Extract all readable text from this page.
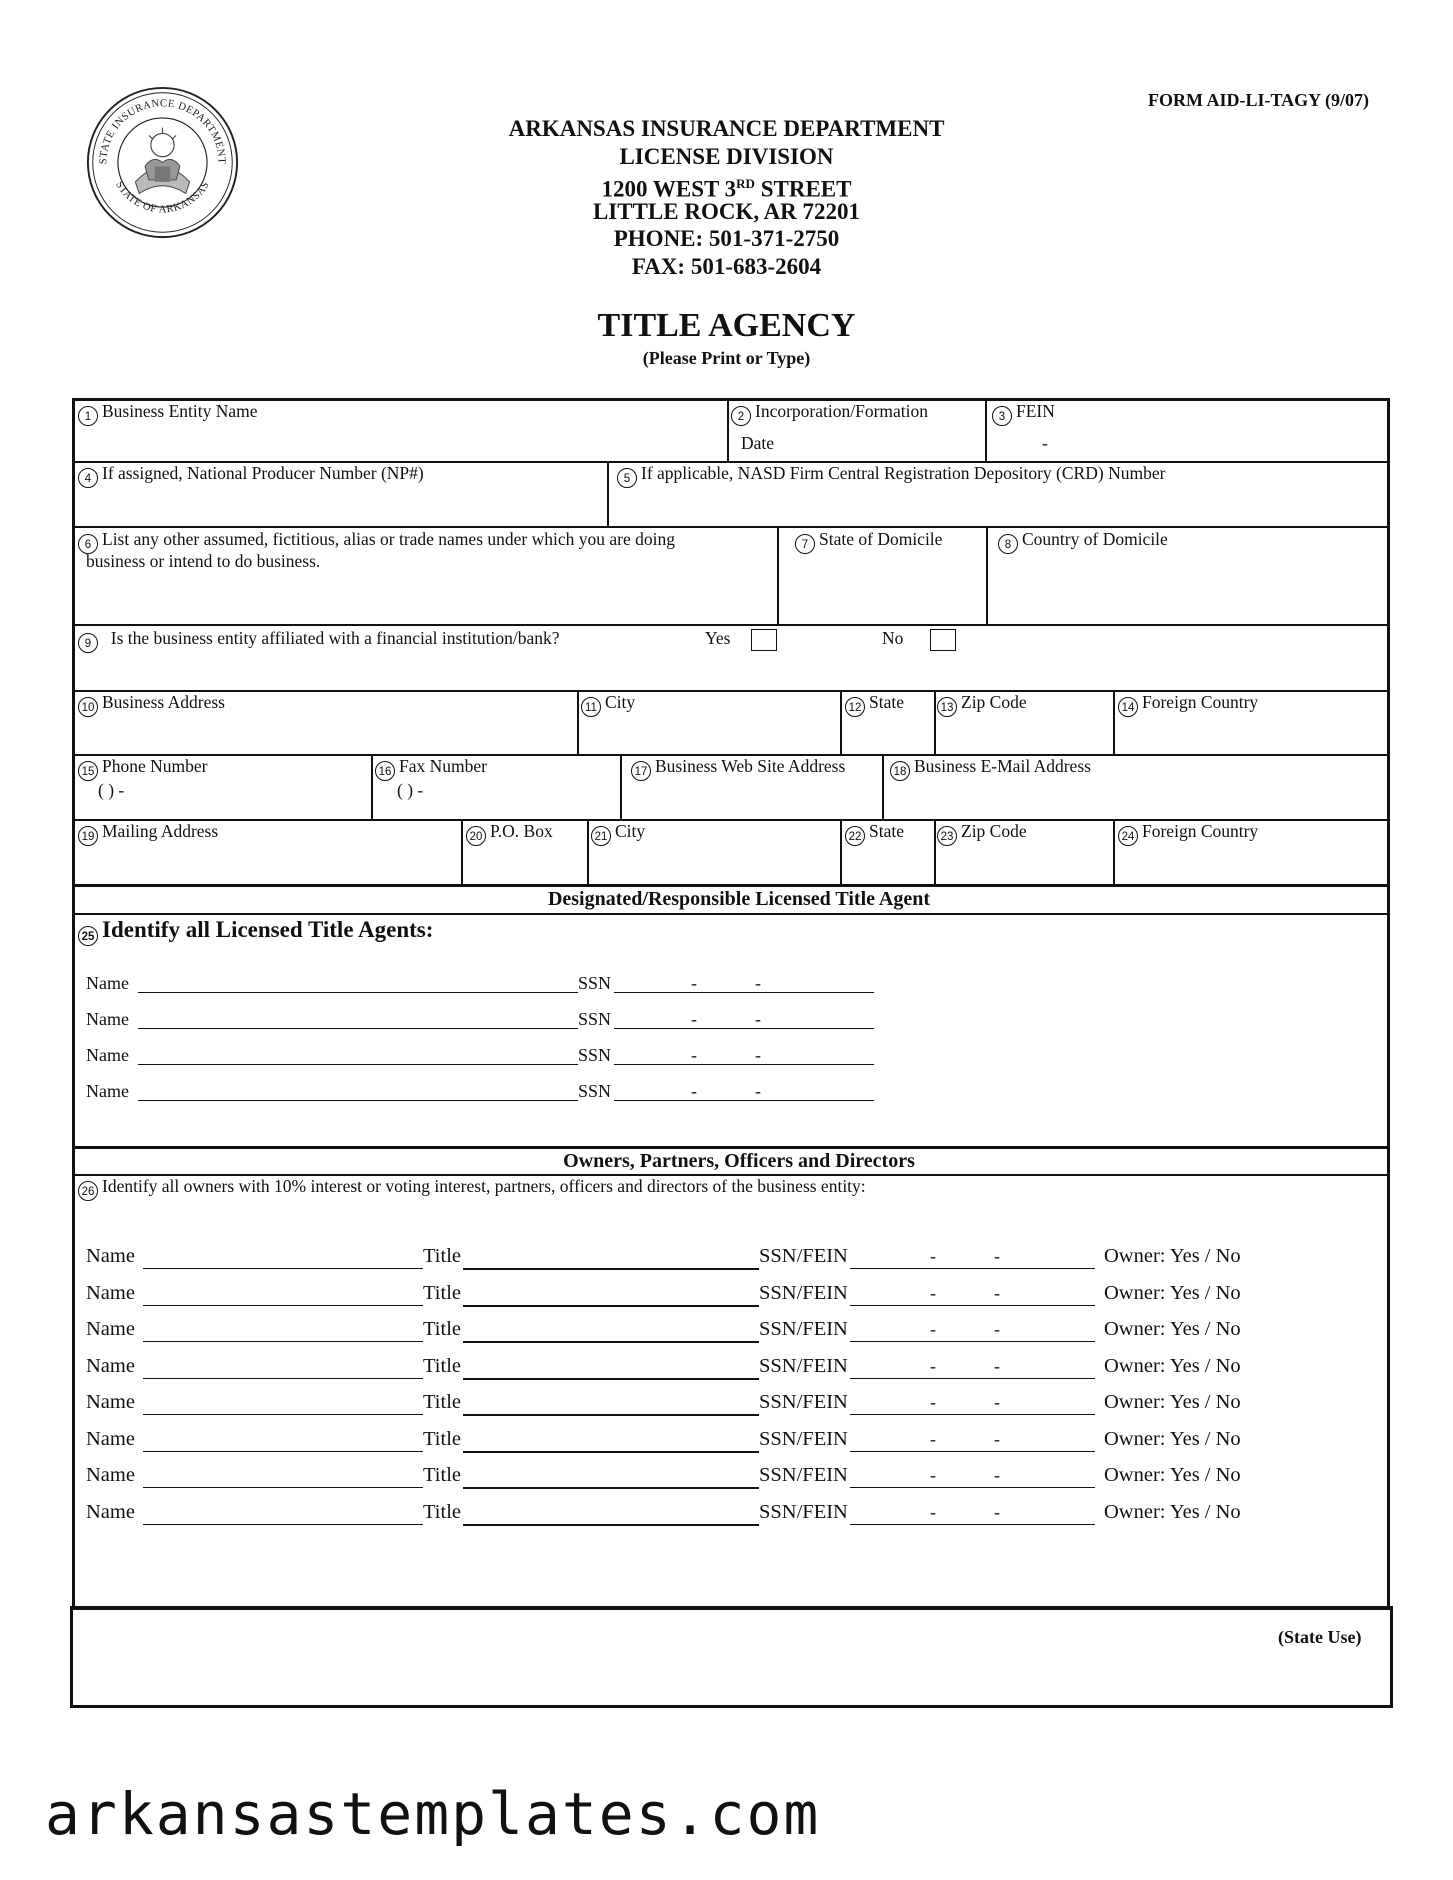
FORM AID-LI-TAGY (9/07)
STATE INSURANCE DEPARTMENT
STATE OF ARKANSAS
ARKANSAS INSURANCE DEPARTMENT
LICENSE DIVISION
1200 WEST 3RD STREET
LITTLE ROCK, AR 72201
PHONE: 501-371-2750
FAX: 501-683-2604
TITLE AGENCY
(Please Print or Type)
1 Business Entity Name	2 Incorporation/Formation
Date
3 FEIN
-
4 If assigned, National Producer Number (NP#)	5 If applicable, NASD Firm Central Registration Depository (CRD) Number
6 List any other assumed, fictitious, alias or trade names under which you are doing
business or intend to do business.
7 State of Domicile	8 Country of Domicile
9 Is the business entity affiliated with a financial institution/bank?	Yes	No
10 Business Address	11 City	12 State	13 Zip Code	14 Foreign Country
15 Phone Number
( ) -
16 Fax Number
( ) -
17 Business Web Site Address	18 Business E-Mail Address
19 Mailing Address	20 P.O. Box	21 City	22 State	23 Zip Code	24 Foreign Country
Designated/Responsible Licensed Title Agent
25 Identify all Licensed Title Agents:
Name	SSN	-	-
Name	SSN	-	-
Name	SSN	-	-
Name	SSN	-	-
Owners, Partners, Officers and Directors
26 Identify all owners with 10% interest or voting interest, partners, officers and directors of the business entity:
Name	Title	SSN/FEIN	-	-	Owner: Yes / No
Name	Title	SSN/FEIN	-	-	Owner: Yes / No
Name	Title	SSN/FEIN	-	-	Owner: Yes / No
Name	Title	SSN/FEIN	-	-	Owner: Yes / No
Name	Title	SSN/FEIN	-	-	Owner: Yes / No
Name	Title	SSN/FEIN	-	-	Owner: Yes / No
Name	Title	SSN/FEIN	-	-	Owner: Yes / No
Name	Title	SSN/FEIN	-	-	Owner: Yes / No
(State Use)
arkansastemplates.com
